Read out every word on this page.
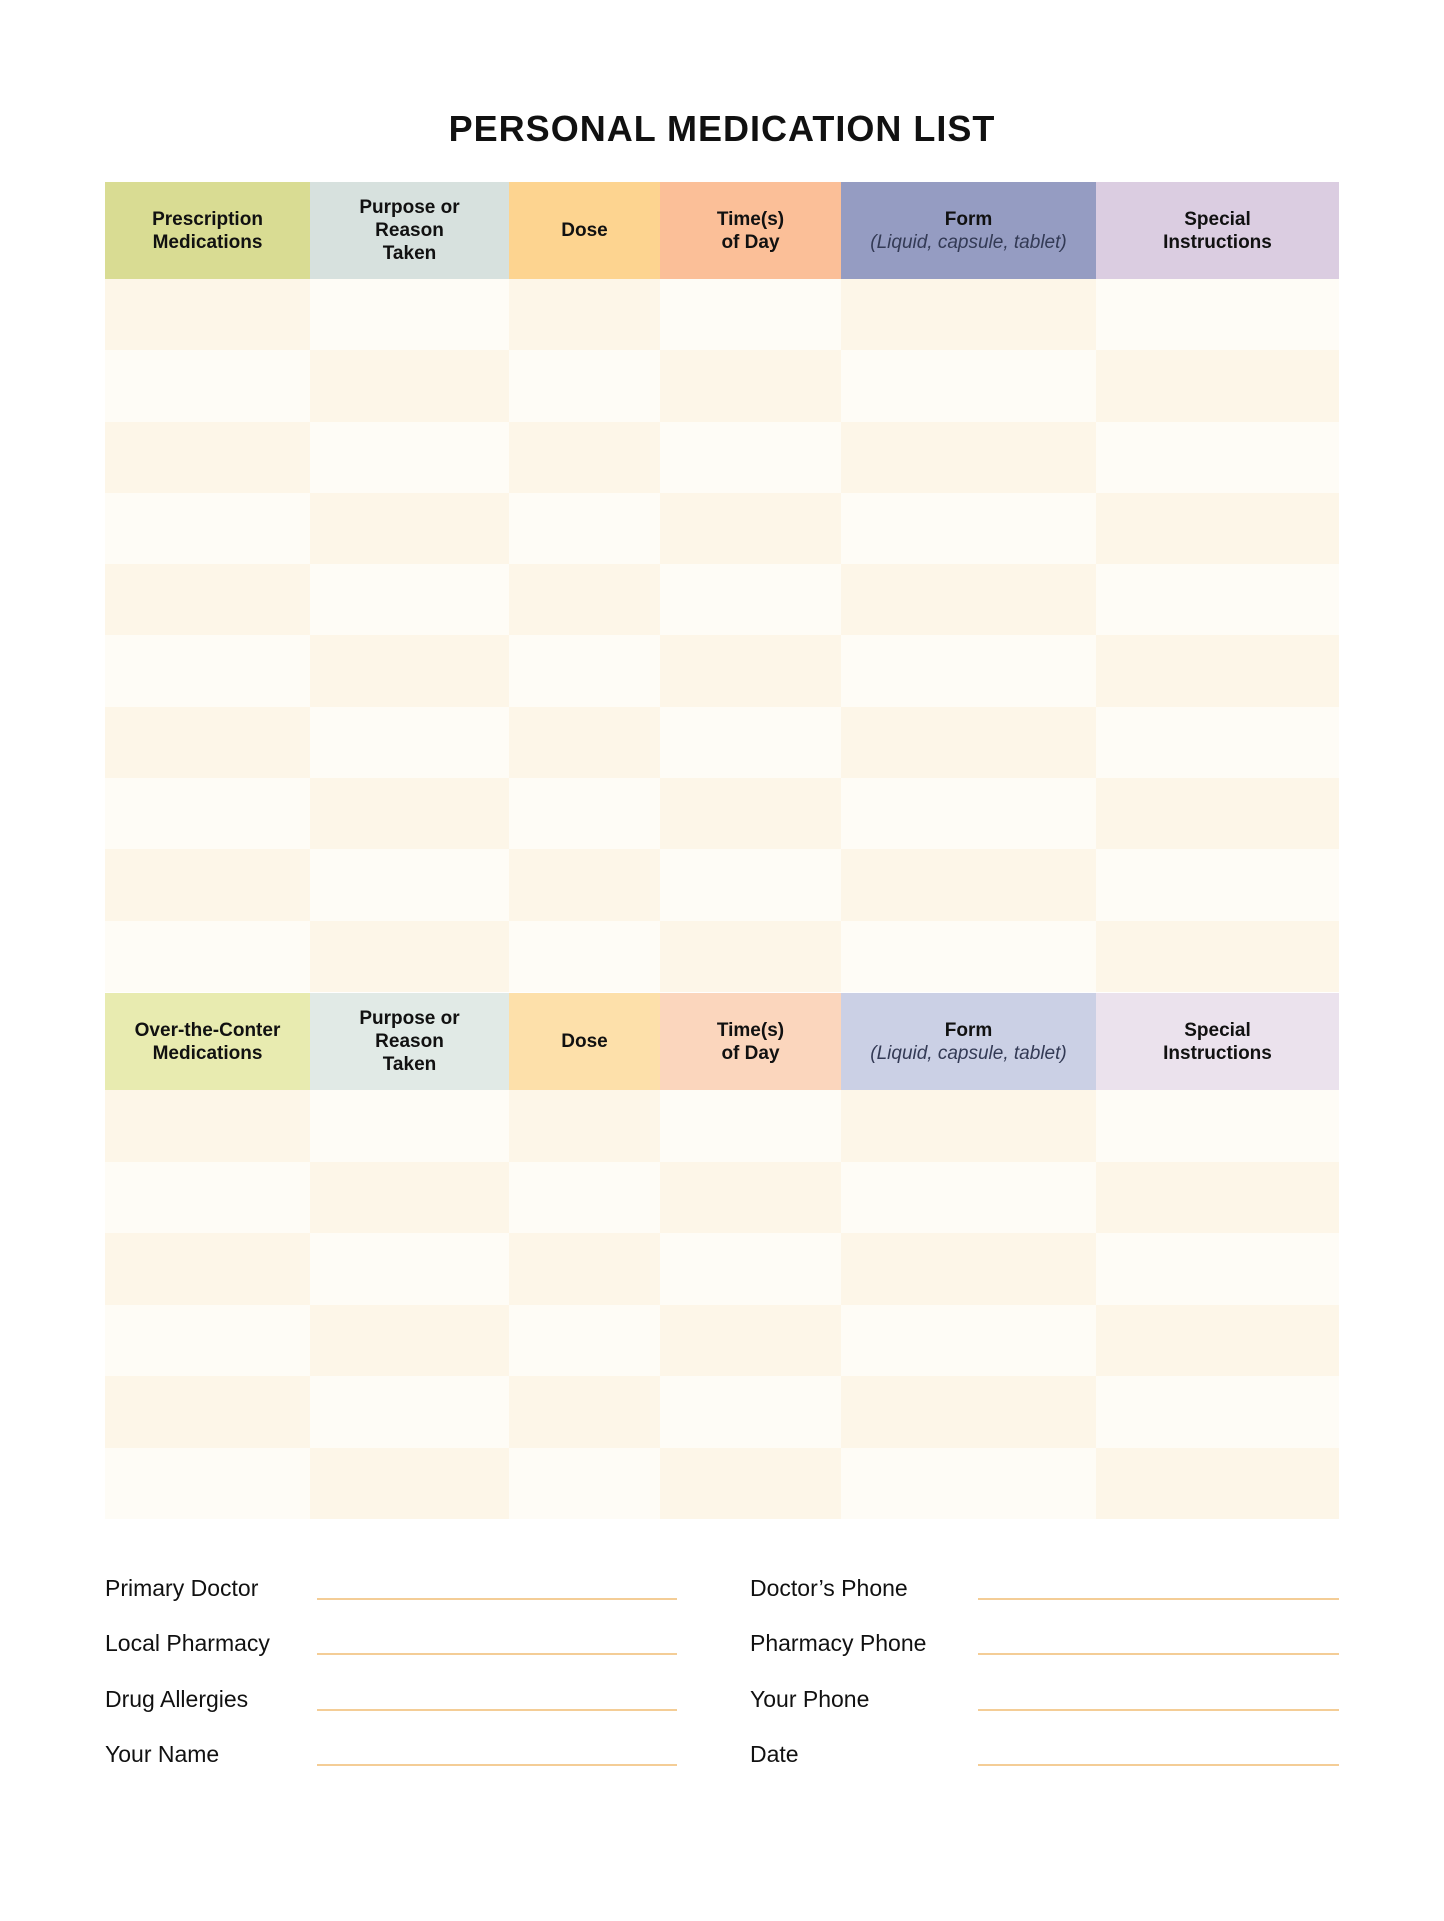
PERSONAL MEDICATION LIST
Prescription
Medications
Purpose or
Reason
Taken
Dose
Time(s)
of Day
Form
(Liquid, capsule, tablet)
Special
Instructions
Over-the-Conter
Medications
Purpose or
Reason
Taken
Dose
Time(s)
of Day
Form
(Liquid, capsule, tablet)
Special
Instructions
Primary Doctor
Local Pharmacy
Drug Allergies
Your Name
Doctor’s Phone
Pharmacy Phone
Your Phone
Date
